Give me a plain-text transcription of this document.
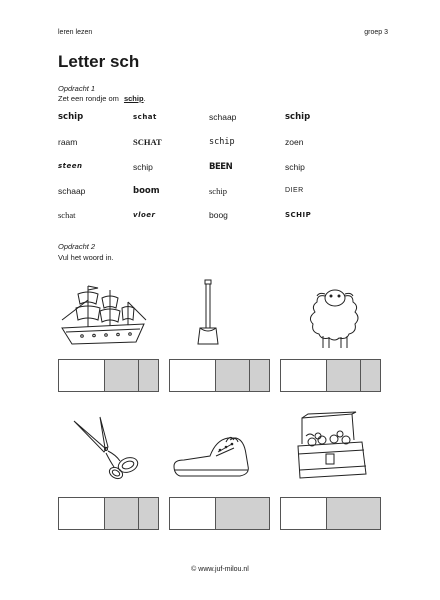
leren lezen	groep 3
Letter sch
Opdracht 1
Zet een rondje om schip.
schip	schat	schaap	schip
raam	SCHAT	schip	zoen
steen	schip	BEEN	schip
schaap	boom	schip	DIER
schat	vloer	boog	SCHIP
Opdracht 2
Vul het woord in.
© www.juf-milou.nl
